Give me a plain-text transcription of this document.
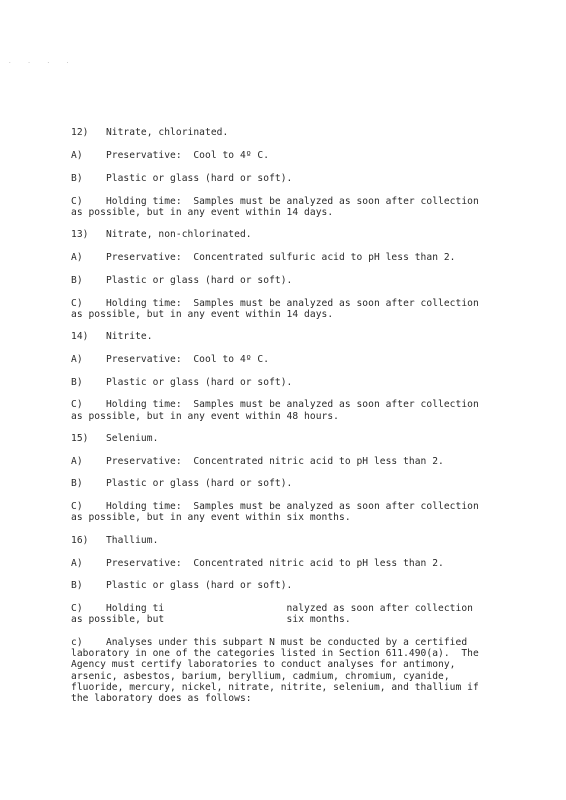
. . . .
12)   Nitrate, chlorinated.
A)    Preservative:  Cool to 4º C.
B)    Plastic or glass (hard or soft).
C)    Holding time:  Samples must be analyzed as soon after collection
as possible, but in any event within 14 days.
13)   Nitrate, non-chlorinated.
A)    Preservative:  Concentrated sulfuric acid to pH less than 2.
B)    Plastic or glass (hard or soft).
C)    Holding time:  Samples must be analyzed as soon after collection
as possible, but in any event within 14 days.
14)   Nitrite.
A)    Preservative:  Cool to 4º C.
B)    Plastic or glass (hard or soft).
C)    Holding time:  Samples must be analyzed as soon after collection
as possible, but in any event within 48 hours.
15)   Selenium.
A)    Preservative:  Concentrated nitric acid to pH less than 2.
B)    Plastic or glass (hard or soft).
C)    Holding time:  Samples must be analyzed as soon after collection
as possible, but in any event within six months.
16)   Thallium.
A)    Preservative:  Concentrated nitric acid to pH less than 2.
B)    Plastic or glass (hard or soft).
C)    Holding ti                     nalyzed as soon after collection
as possible, but                     six months.
c)    Analyses under this subpart N must be conducted by a certified
laboratory in one of the categories listed in Section 611.490(a).  The
Agency must certify laboratories to conduct analyses for antimony,
arsenic, asbestos, barium, beryllium, cadmium, chromium, cyanide,
fluoride, mercury, nickel, nitrate, nitrite, selenium, and thallium if
the laboratory does as follows:
